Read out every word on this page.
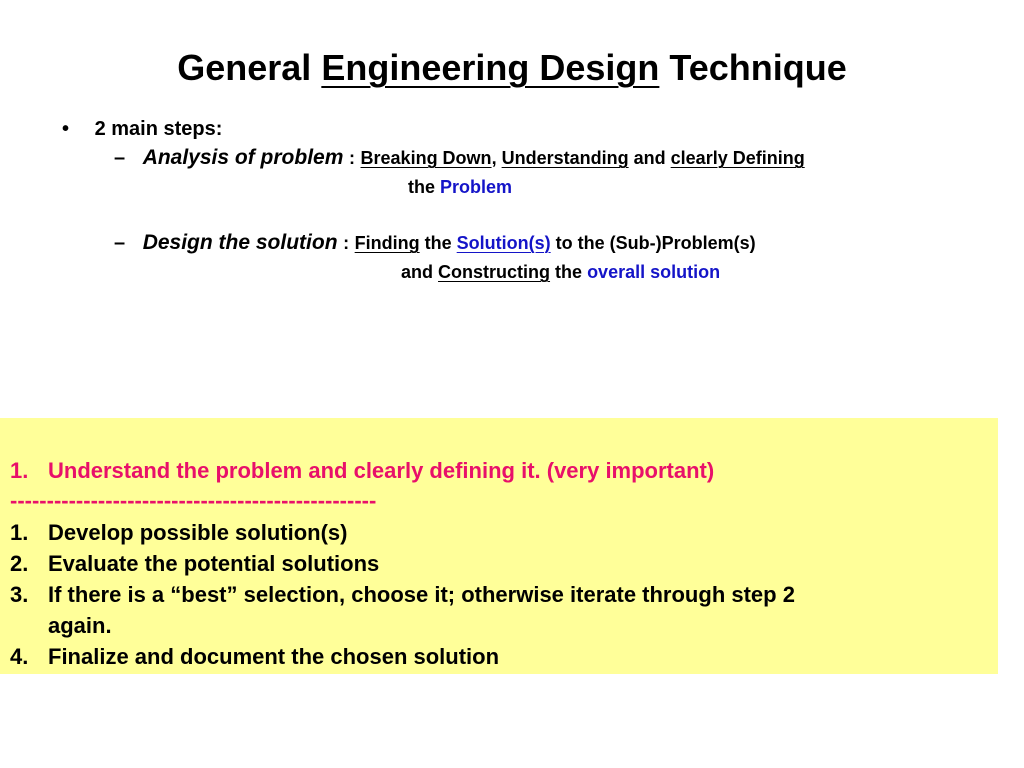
General Engineering Design Technique
• 2 main steps:
– Analysis of problem : Breaking Down, Understanding and clearly Defining
the Problem
– Design the solution : Finding the Solution(s) to the (Sub-)Problem(s)
and Constructing the overall solution
1. Understand the problem and clearly defining it. (very important)
--------------------------------------------------
1. Develop possible solution(s)
2. Evaluate the potential solutions
3. If there is a “best” selection, choose it; otherwise iterate through step 2
again.
4. Finalize and document the chosen solution
